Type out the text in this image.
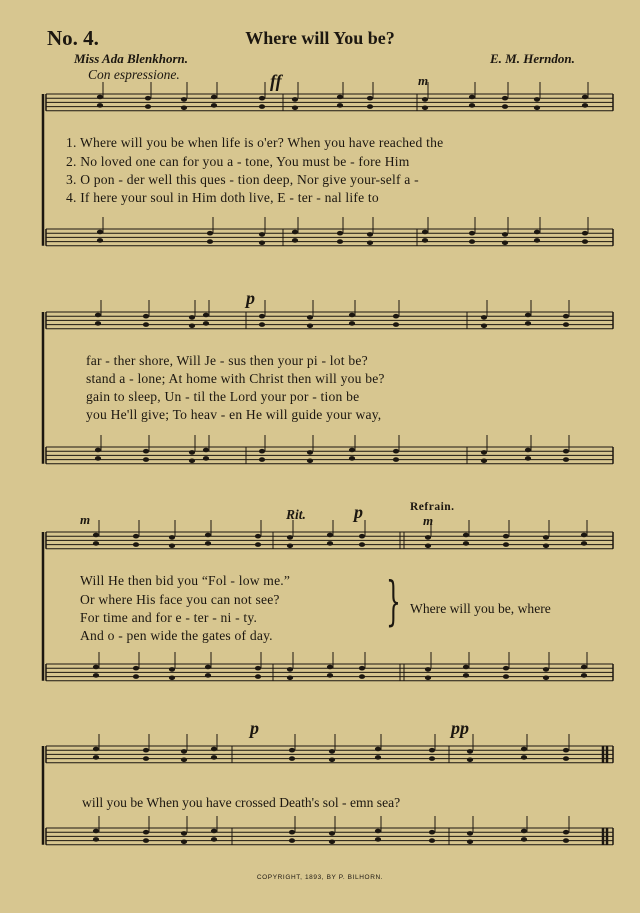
No. 4.	Where will You be?
Miss Ada Blenkhorn.	E. M. Herndon.
Con espressione.	ff	m
p
m	Rit.	p	Refrain.
m
p	pp
1. Where will you be when life is o'er? When you have reached the
2. No loved one can for you a - tone, You must be - fore Him
3. O pon - der well this ques - tion deep, Nor give your-self a -
4. If here your soul in Him doth live, E - ter - nal life to
far - ther shore, Will Je - sus then your pi - lot be?
stand a - lone; At home with Christ then will you be?
gain to sleep, Un - til the Lord your por - tion be
you He'll give; To heav - en He will guide your way,
Will He then bid you “Fol - low me.”
Or where His face you can not see?
For time and for e - ter - ni - ty.
And o - pen wide the gates of day.
} Where will you be, where
will you be When you have crossed Death's sol - emn sea?
COPYRIGHT, 1893, BY P. BILHORN.
